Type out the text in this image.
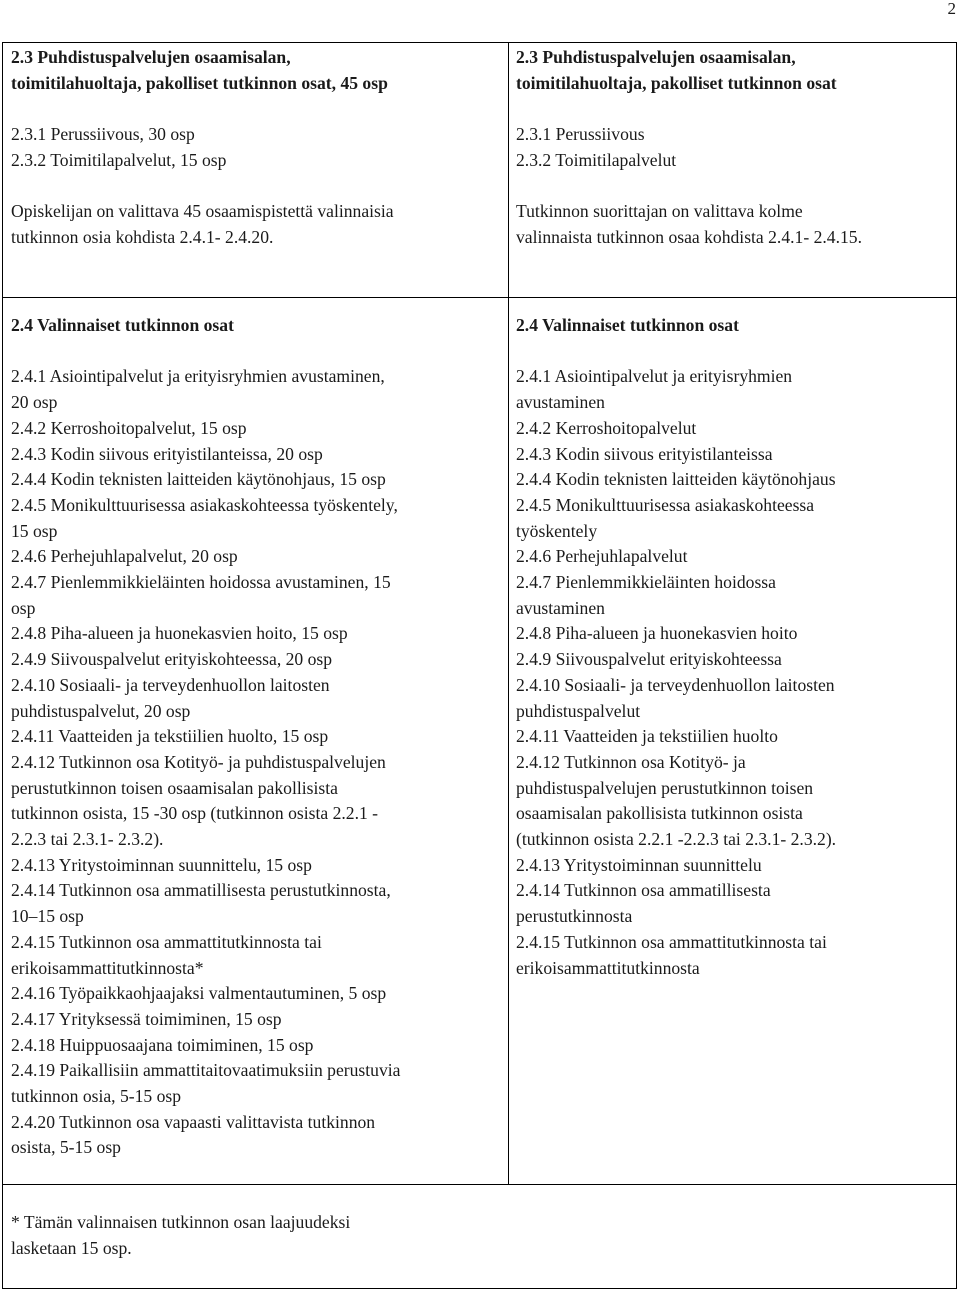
2

2.3 Puhdistuspalvelujen osaamisalan,

toimitilahuoltaja, pakolliset tutkinnon osat, 45 osp

2.3.1 Perussiivous, 30 osp

2.3.2 Toimitilapalvelut, 15 osp

Opiskelijan on valittava 45 osaamispistettä valinnaisia

tutkinnon osia kohdista 2.4.1- 2.4.20.

2.3 Puhdistuspalvelujen osaamisalan,

toimitilahuoltaja, pakolliset tutkinnon osat

2.3.1 Perussiivous

2.3.2 Toimitilapalvelut

Tutkinnon suorittajan on valittava kolme

valinnaista tutkinnon osaa kohdista 2.4.1- 2.4.15.

2.4 Valinnaiset tutkinnon osat

2.4.1 Asiointipalvelut ja erityisryhmien avustaminen,

20 osp

2.4.2 Kerroshoitopalvelut, 15 osp

2.4.3 Kodin siivous erityistilanteissa, 20 osp

2.4.4 Kodin teknisten laitteiden käytönohjaus, 15 osp

2.4.5 Monikulttuurisessa asiakaskohteessa työskentely,

15 osp

2.4.6 Perhejuhlapalvelut, 20 osp

2.4.7 Pienlemmikkieläinten hoidossa avustaminen, 15

osp

2.4.8 Piha-alueen ja huonekasvien hoito, 15 osp

2.4.9 Siivouspalvelut erityiskohteessa, 20 osp

2.4.10 Sosiaali- ja terveydenhuollon laitosten

puhdistuspalvelut, 20 osp

2.4.11 Vaatteiden ja tekstiilien huolto, 15 osp

2.4.12 Tutkinnon osa Kotityö- ja puhdistuspalvelujen

perustutkinnon toisen osaamisalan pakollisista

tutkinnon osista, 15 -30 osp (tutkinnon osista 2.2.1 -

2.2.3 tai 2.3.1- 2.3.2).

2.4.13 Yritystoiminnan suunnittelu, 15 osp

2.4.14 Tutkinnon osa ammatillisesta perustutkinnosta,

10–15 osp

2.4.15 Tutkinnon osa ammattitutkinnosta tai

erikoisammattitutkinnosta*

2.4.16 Työpaikkaohjaajaksi valmentautuminen, 5 osp

2.4.17 Yrityksessä toimiminen, 15 osp

2.4.18 Huippuosaajana toimiminen, 15 osp

2.4.19 Paikallisiin ammattitaitovaatimuksiin perustuvia

tutkinnon osia, 5-15 osp

2.4.20 Tutkinnon osa vapaasti valittavista tutkinnon

osista, 5-15 osp

2.4 Valinnaiset tutkinnon osat

2.4.1 Asiointipalvelut ja erityisryhmien

avustaminen

2.4.2 Kerroshoitopalvelut

2.4.3 Kodin siivous erityistilanteissa

2.4.4 Kodin teknisten laitteiden käytönohjaus

2.4.5 Monikulttuurisessa asiakaskohteessa

työskentely

2.4.6 Perhejuhlapalvelut

2.4.7 Pienlemmikkieläinten hoidossa

avustaminen

2.4.8 Piha-alueen ja huonekasvien hoito

2.4.9 Siivouspalvelut erityiskohteessa

2.4.10 Sosiaali- ja terveydenhuollon laitosten

puhdistuspalvelut

2.4.11 Vaatteiden ja tekstiilien huolto

2.4.12 Tutkinnon osa Kotityö- ja

puhdistuspalvelujen perustutkinnon toisen

osaamisalan pakollisista tutkinnon osista

(tutkinnon osista 2.2.1 -2.2.3 tai 2.3.1- 2.3.2).

2.4.13 Yritystoiminnan suunnittelu

2.4.14 Tutkinnon osa ammatillisesta

perustutkinnosta

2.4.15 Tutkinnon osa ammattitutkinnosta tai

erikoisammattitutkinnosta

* Tämän valinnaisen tutkinnon osan laajuudeksi

lasketaan 15 osp.
